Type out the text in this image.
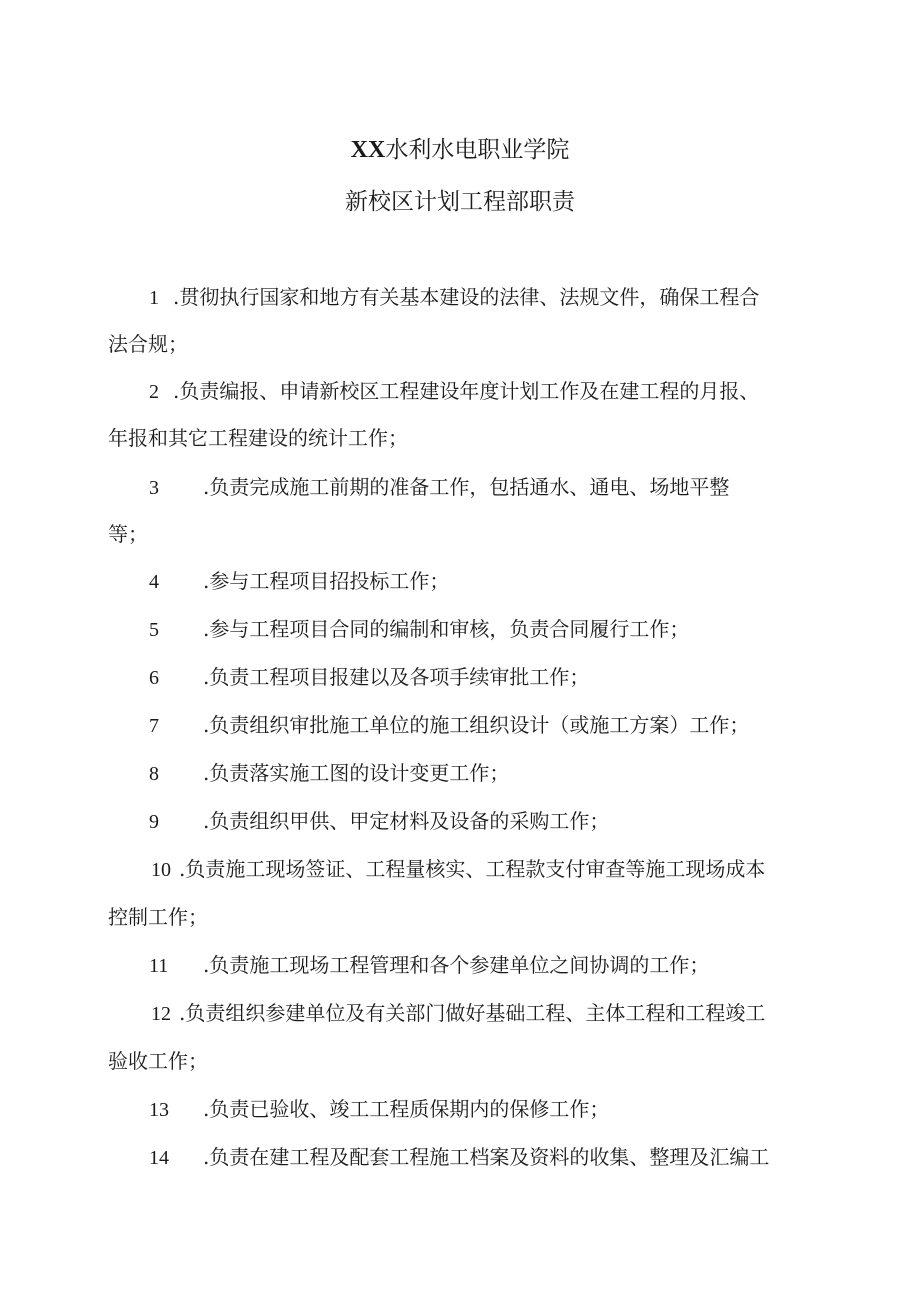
XX水利水电职业学院
新校区计划工程部职责
1 .贯彻执行国家和地方有关基本建设的法律、法规文件，确保工程合
法合规；
2 .负责编报、申请新校区工程建设年度计划工作及在建工程的月报、
年报和其它工程建设的统计工作；
3 .负责完成施工前期的准备工作，包括通水、通电、场地平整
等；
4 .参与工程项目招投标工作；
5 .参与工程项目合同的编制和审核，负责合同履行工作；
6 .负责工程项目报建以及各项手续审批工作；
7 .负责组织审批施工单位的施工组织设计（或施工方案）工作；
8 .负责落实施工图的设计变更工作；
9 .负责组织甲供、甲定材料及设备的采购工作；
10 .负责施工现场签证、工程量核实、工程款支付审查等施工现场成本
控制工作；
11 .负责施工现场工程管理和各个参建单位之间协调的工作；
12 .负责组织参建单位及有关部门做好基础工程、主体工程和工程竣工
验收工作；
13 .负责已验收、竣工工程质保期内的保修工作；
14 .负责在建工程及配套工程施工档案及资料的收集、整理及汇编工
